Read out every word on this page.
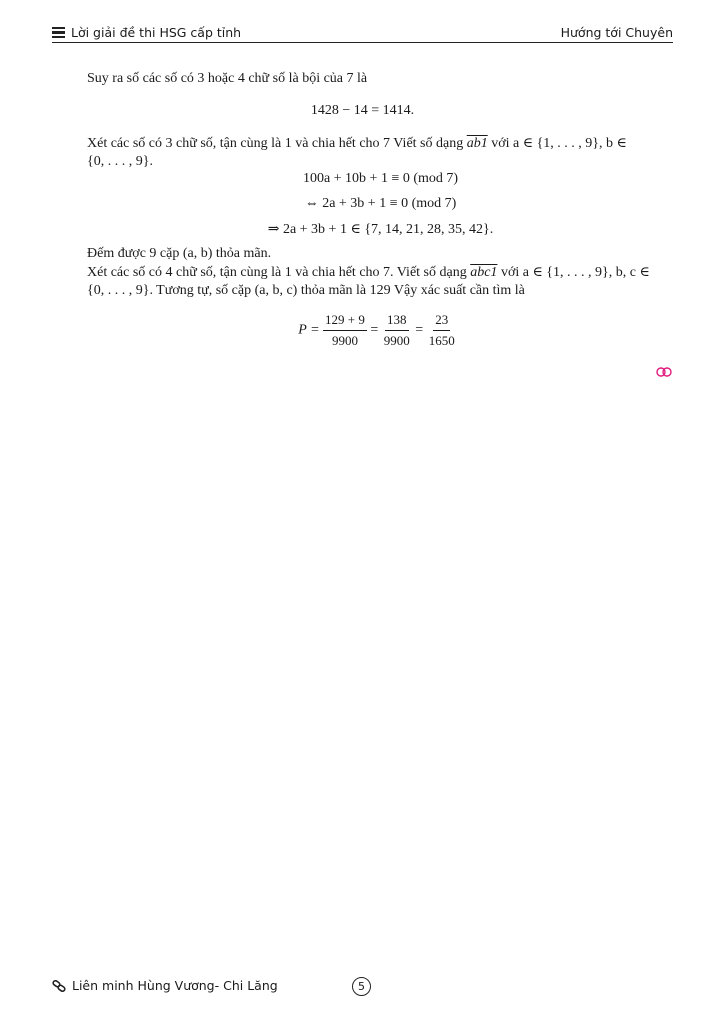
Lời giải đề thi HSG cấp tỉnh	Hướng tới Chuyên
Suy ra số các số có 3 hoặc 4 chữ số là bội của 7 là
1428 − 14 = 1414.
Xét các số có 3 chữ số, tận cùng là 1 và chia hết cho 7 Viết số dạng ab1 với a ∈ {1, . . . , 9}, b ∈
{0, . . . , 9}.
100a + 10b + 1 ≡ 0 (mod 7)
⇔ 2a + 3b + 1 ≡ 0 (mod 7)
⇒ 2a + 3b + 1 ∈ {7, 14, 21, 28, 35, 42}.
Đếm được 9 cặp (a, b) thỏa mãn.
Xét các số có 4 chữ số, tận cùng là 1 và chia hết cho 7. Viết số dạng abc1 với a ∈ {1, . . . , 9}, b, c ∈
{0, . . . , 9}. Tương tự, số cặp (a, b, c) thỏa mãn là 129 Vậy xác suất cần tìm là
$P = \frac{129 + 9}{9900} = \frac{138}{9900} = \frac{23}{1650}$
Liên minh Hùng Vương- Chi Lăng	5
